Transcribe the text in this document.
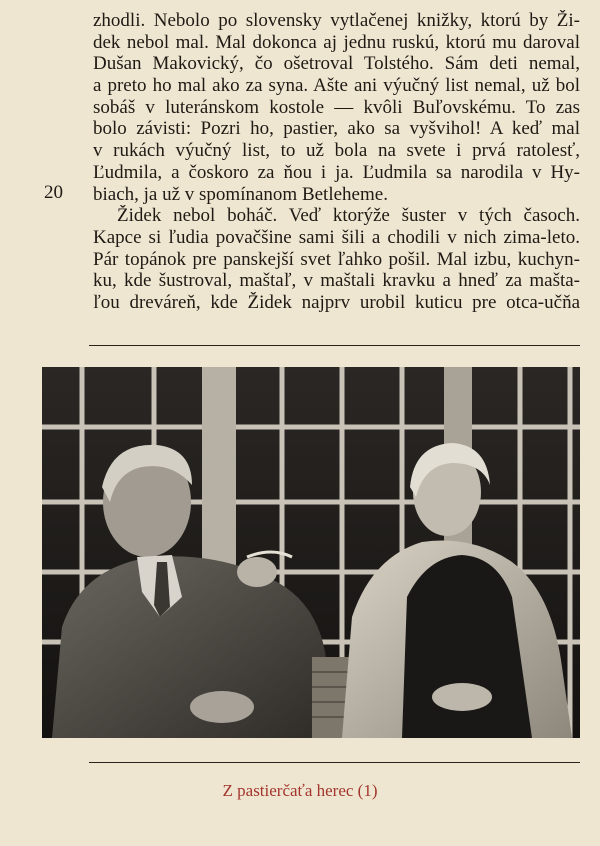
zhodli. Nebolo po slovensky vytlačenej knižky, ktorú by Ži-
dek nebol mal. Mal dokonca aj jednu ruskú, ktorú mu daroval
Dušan Makovický, čo ošetroval Tolstého. Sám deti nemal,
a preto ho mal ako za syna. Ašte ani výučný list nemal, už bol
sobáš v luteránskom kostole — kvôli Buľovskému. To zas
bolo závisti: Pozri ho, pastier, ako sa vyšvihol! A keď mal
v rukách výučný list, to už bola na svete i prvá ratolesť,
Ľudmila, a čoskoro za ňou i ja. Ľudmila sa narodila v Hy-
biach, ja už v spomínanom Betleheme.
Židek nebol boháč. Veď ktorýže šuster v tých časoch.
Kapce si ľudia povačšine sami šili a chodili v nich zima-leto.
Pár topánok pre panskejší svet ľahko pošil. Mal izbu, kuchyn-
ku, kde šustroval, maštaľ, v maštali kravku a hneď za mašta-
ľou dreváreň, kde Židek najprv urobil kuticu pre otca-učňa
20
Z pastierčaťa herec (1)
